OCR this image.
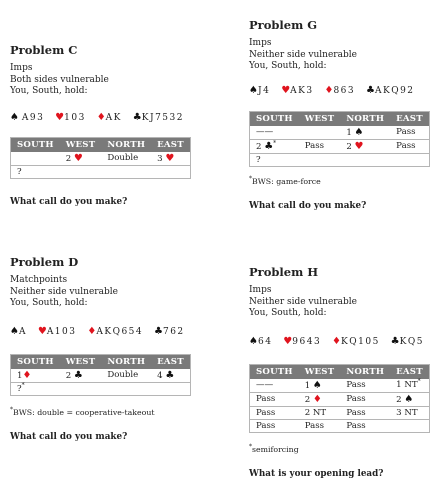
Problem C
Imps
Both sides vulnerable
You, South, hold:
♠ A93 ♥103 ♦AK ♣KJ7532
SOUTH	WEST	NORTH	EAST
	2 ♥	Double	3 ♥
?			
What call do you make?
Problem D
Matchpoints
Neither side vulnerable
You, South, hold:
♠A ♥A103 ♦AKQ654 ♣762
SOUTH	WEST	NORTH	EAST
1♦	2 ♣	Double	4 ♣
?*			
*BWS: double = cooperative-takeout
What call do you make?
Problem G
Imps
Neither side vulnerable
You, South, hold:
♠J4 ♥AK3 ♦863 ♣AKQ92
SOUTH	WEST	NORTH	EAST
——		1 ♠	Pass
2 ♣*	Pass	2 ♥	Pass
?			
*BWS: game-force
What call do you make?
Problem H
Imps
Neither side vulnerable
You, South, hold:
♠64 ♥9643 ♦KQ105 ♣KQ5
SOUTH	WEST	NORTH	EAST
——	1 ♠	Pass	1 NT*
Pass	2 ♦	Pass	2 ♠
Pass	2 NT	Pass	3 NT
Pass	Pass	Pass	
*semiforcing
What is your opening lead?
